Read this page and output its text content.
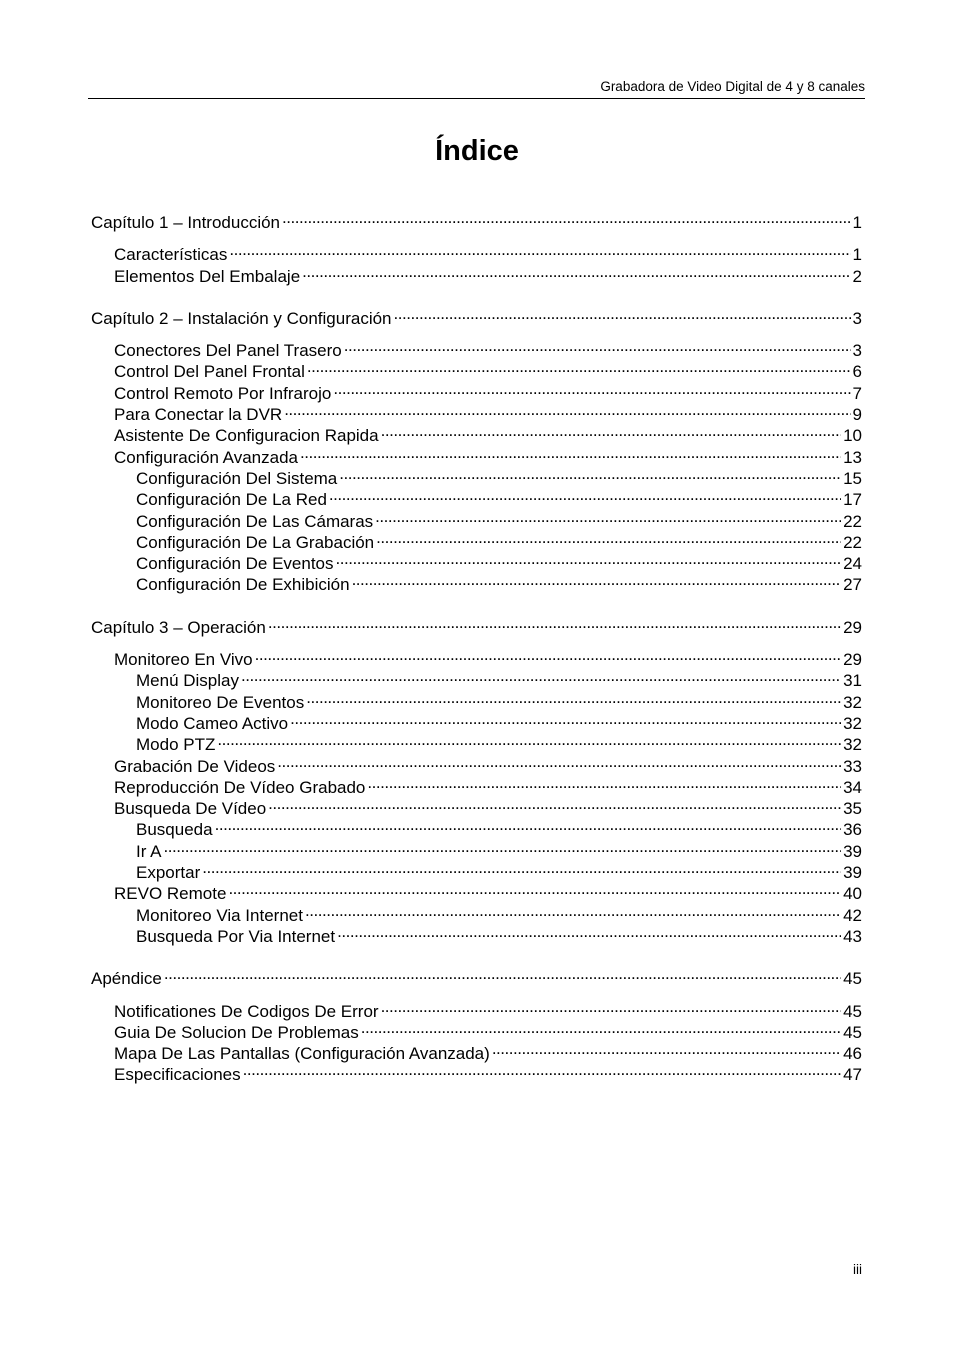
Grabadora de Video Digital de 4 y 8 canales
Índice
Capítulo 1 – Introducción . . .	1
Características . . .	1
Elementos Del Embalaje . . .	2
Capítulo 2 – Instalación y Configuración . . .	3
Conectores Del Panel Trasero . . .	3
Control Del Panel Frontal . . .	6
Control Remoto Por Infrarojo . . .	7
Para Conectar la DVR . . .	9
Asistente De Configuracion Rapida . . .	10
Configuración Avanzada . . .	13
Configuración Del Sistema . . .	15
Configuración De La Red . . .	17
Configuración De Las Cámaras . . .	22
Configuración De La Grabación . . .	22
Configuración De Eventos . . .	24
Configuración De Exhibición . . .	27
Capítulo 3 – Operación . . .	29
Monitoreo En Vivo . . .	29
Menú Display . . .	31
Monitoreo De Eventos . . .	32
Modo Cameo Activo . . .	32
Modo PTZ . . .	32
Grabación De Videos . . .	33
Reproducción De Vídeo Grabado . . .	34
Busqueda De Vídeo . . .	35
Busqueda . . .	36
Ir A . . .	39
Exportar . . .	39
REVO Remote . . .	40
Monitoreo Via Internet . . .	42
Busqueda Por Via Internet . . .	43
Apéndice . . .	45
Notificationes De Codigos De Error . . .	45
Guia De Solucion De Problemas . . .	45
Mapa De Las Pantallas (Configuración Avanzada) . . .	46
Especificaciones . . .	47
iii
